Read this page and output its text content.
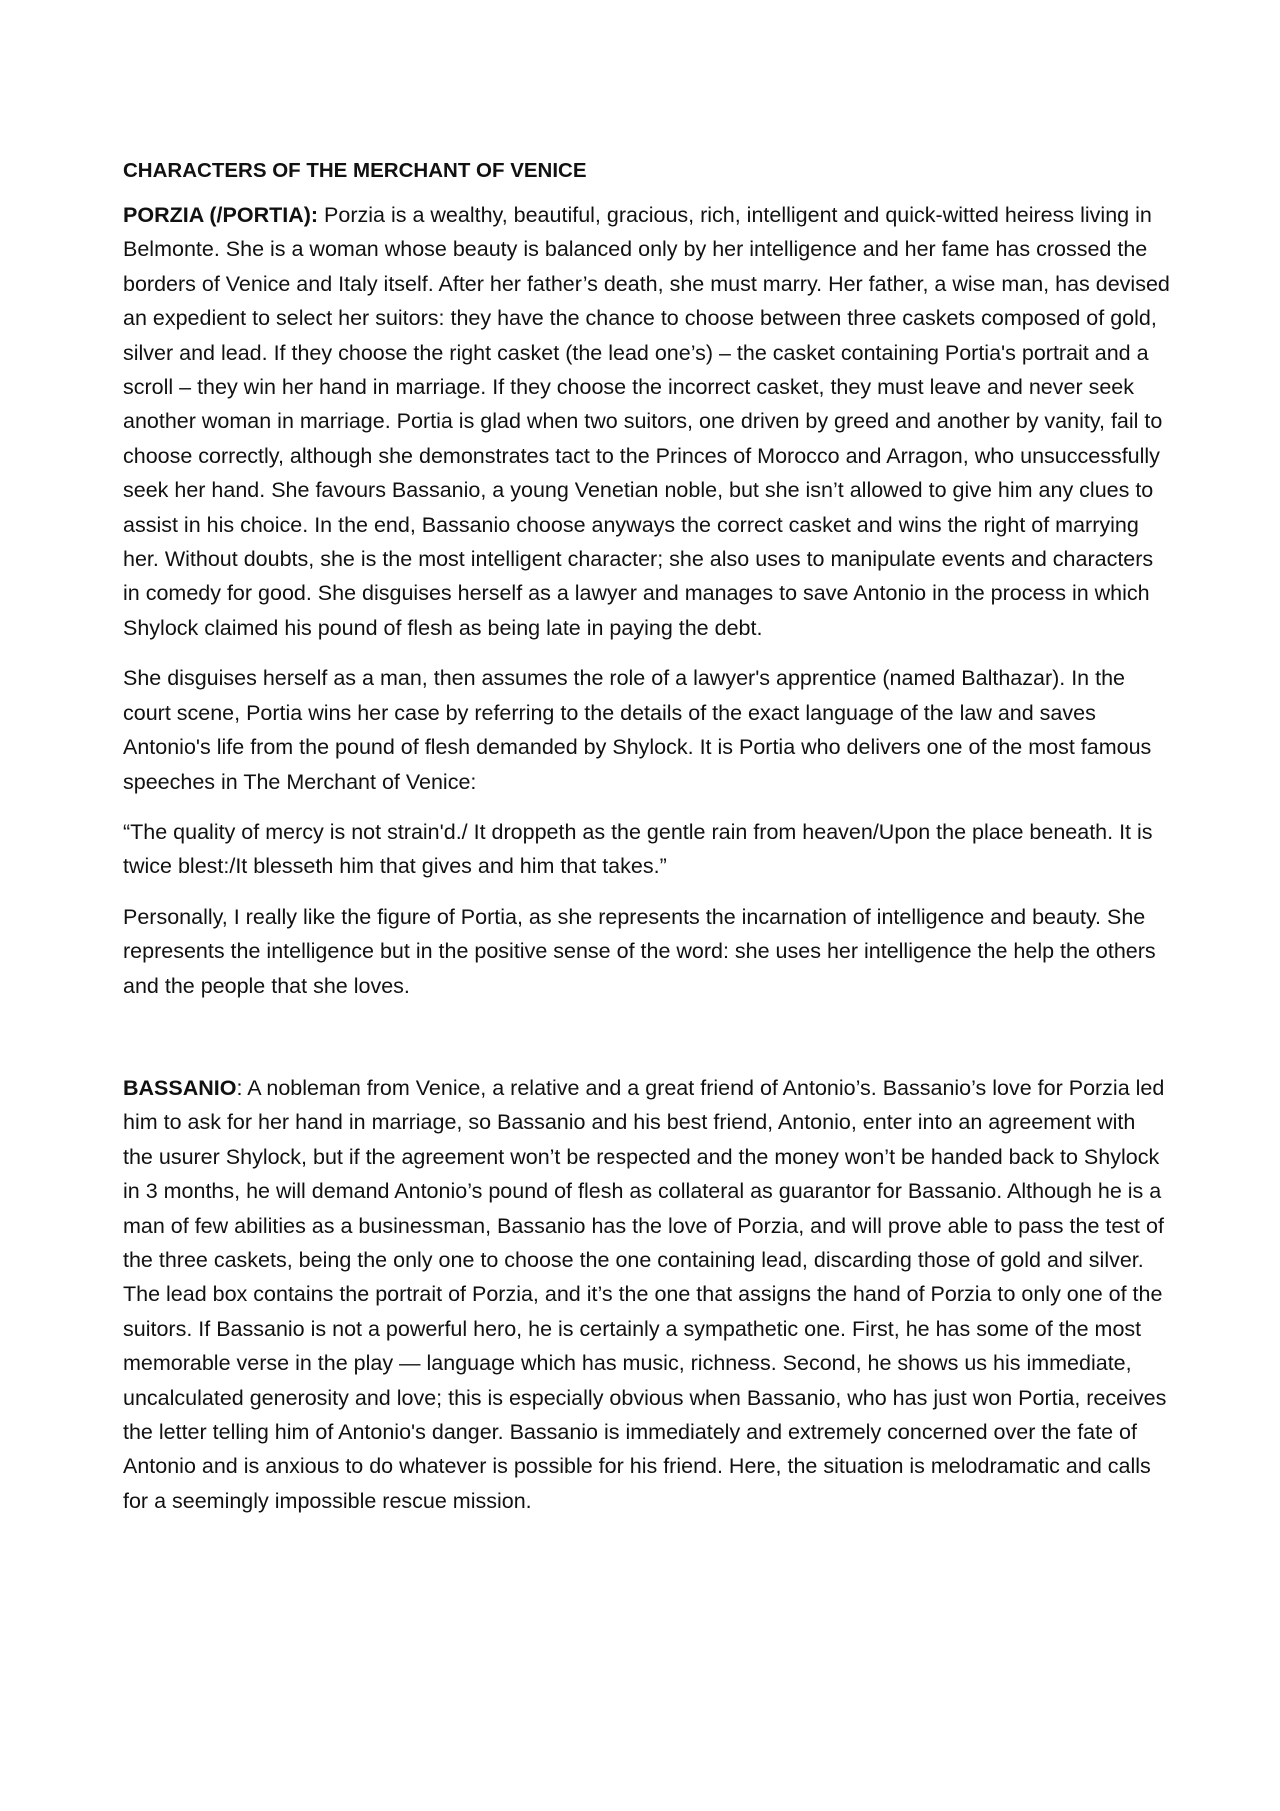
CHARACTERS OF THE MERCHANT OF VENICE

PORZIA (/PORTIA): Porzia is a wealthy, beautiful, gracious, rich, intelligent and quick-witted heiress living in Belmonte. She is a woman whose beauty is balanced only by her intelligence and her fame has crossed the borders of Venice and Italy itself. After her father’s death, she must marry. Her father, a wise man, has devised an expedient to select her suitors: they have the chance to choose between three caskets composed of gold, silver and lead. If they choose the right casket (the lead one’s) – the casket containing Portia's portrait and a scroll – they win her hand in marriage. If they choose the incorrect casket, they must leave and never seek another woman in marriage. Portia is glad when two suitors, one driven by greed and another by vanity, fail to choose correctly, although she demonstrates tact to the Princes of Morocco and Arragon, who unsuccessfully seek her hand. She favours Bassanio, a young Venetian noble, but she isn’t allowed to give him any clues to assist in his choice. In the end, Bassanio choose anyways the correct casket and wins the right of marrying her. Without doubts, she is the most intelligent character; she also uses to manipulate events and characters in comedy for good. She disguises herself as a lawyer and manages to save Antonio in the process in which Shylock claimed his pound of flesh as being late in paying the debt.

She disguises herself as a man, then assumes the role of a lawyer's apprentice (named Balthazar). In the court scene, Portia wins her case by referring to the details of the exact language of the law and saves Antonio's life from the pound of flesh demanded by Shylock. It is Portia who delivers one of the most famous speeches in The Merchant of Venice:

“The quality of mercy is not strain'd./ It droppeth as the gentle rain from heaven/Upon the place beneath. It is twice blest:/It blesseth him that gives and him that takes.”

Personally, I really like the figure of Portia, as she represents the incarnation of intelligence and beauty. She represents the intelligence but in the positive sense of the word: she uses her intelligence the help the others and the people that she loves.

BASSANIO: A nobleman from Venice, a relative and a great friend of Antonio’s. Bassanio’s love for Porzia led him to ask for her hand in marriage, so Bassanio and his best friend, Antonio, enter into an agreement with the usurer Shylock, but if the agreement won’t be respected and the money won’t be handed back to Shylock in 3 months, he will demand Antonio’s pound of flesh as collateral as guarantor for Bassanio. Although he is a man of few abilities as a businessman, Bassanio has the love of Porzia, and will prove able to pass the test of the three caskets, being the only one to choose the one containing lead, discarding those of gold and silver. The lead box contains the portrait of Porzia, and it’s the one that assigns the hand of Porzia to only one of the suitors. If Bassanio is not a powerful hero, he is certainly a sympathetic one. First, he has some of the most memorable verse in the play — language which has music, richness. Second, he shows us his immediate, uncalculated generosity and love; this is especially obvious when Bassanio, who has just won Portia, receives the letter telling him of Antonio's danger. Bassanio is immediately and extremely concerned over the fate of Antonio and is anxious to do whatever is possible for his friend. Here, the situation is melodramatic and calls for a seemingly impossible rescue mission.
